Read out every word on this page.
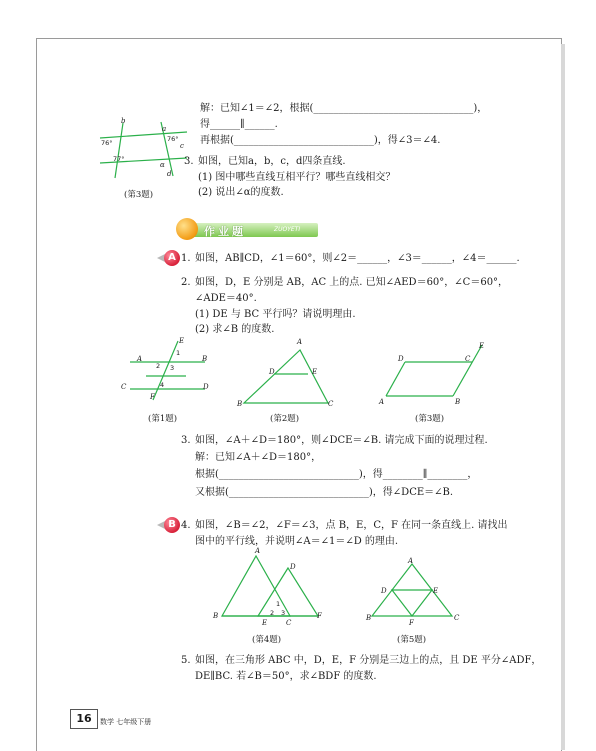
解：已知∠1＝∠2，根据(________________________________)，
得______∥______.
再根据(____________________________)，得∠3＝∠4.
b
a
c
d
α
76°	76°
77°
(第3题)
3. 如图，已知a，b，c，d四条直线.
(1) 图中哪些直线互相平行？哪些直线相交？
(2) 说出∠α的度数.
作业题	ZUOYETI
A 1. 如图，AB∥CD，∠1＝60°，则∠2＝______，∠3＝______，∠4＝______.
2. 如图，D，E 分别是 AB，AC 上的点. 已知∠AED＝60°，∠C＝60°，
∠ADE＝40°.
(1) DE 与 BC 平行吗？请说明理由.
(2) 求∠B 的度数.
A	B
C	D
E
F
1
2 3
4
(第1题)
A
B	C
D	E
(第2题)
A	B
C
D
E
(第3题)
3. 如图，∠A＋∠D＝180°，则∠DCE＝∠B. 请完成下面的说理过程.
解：已知∠A＋∠D＝180°，
根据(____________________________)，得________∥________，
又根据(____________________________)，得∠DCE＝∠B.
B 4. 如图，∠B＝∠2，∠F＝∠3，点 B，E，C，F 在同一条直线上. 请找出
图中的平行线，并说明∠A＝∠1＝∠D 的理由.
A
B
C
D
E
F
1
2 3
(第4题)
A
B	C
D	E
F
(第5题)
5. 如图，在三角形 ABC 中，D，E，F 分别是三边上的点，且 DE 平分∠ADF，
DE∥BC. 若∠B＝50°，求∠BDF 的度数.
16	数学 七年级下册
